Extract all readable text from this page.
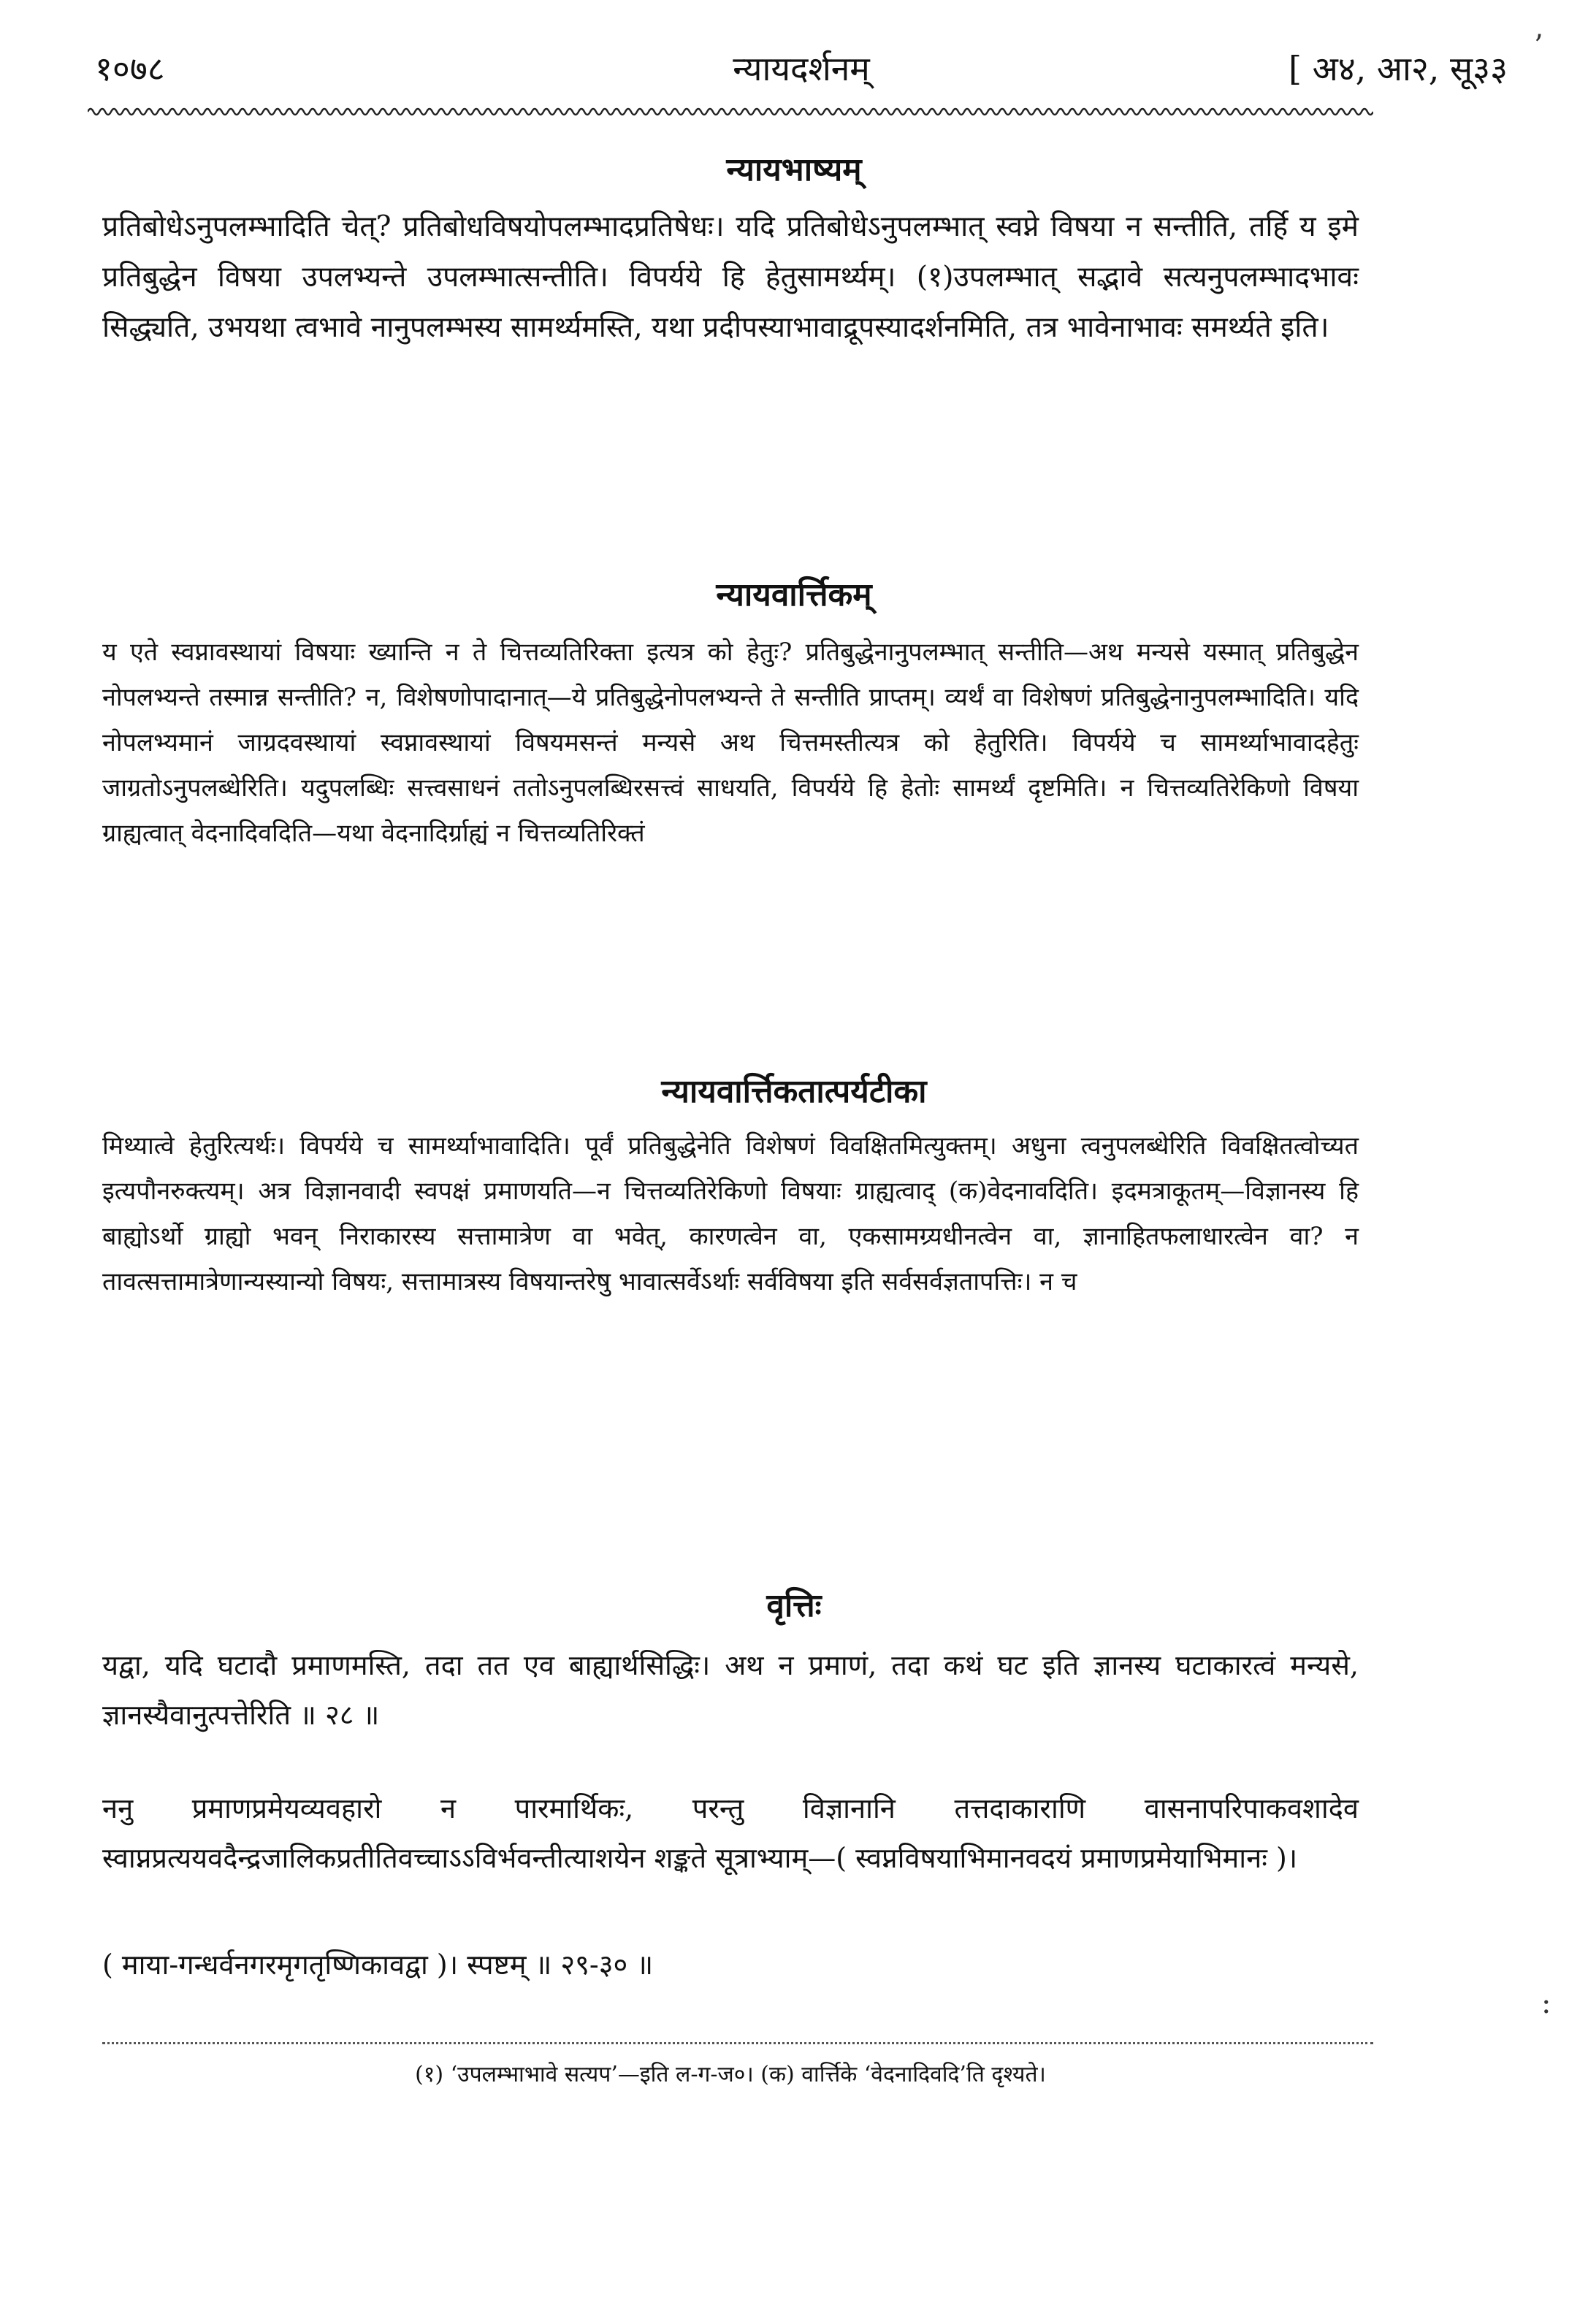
१०७८	न्यायदर्शनम्	[ अ४, आ२, सू३३
न्यायभाष्यम्

प्रतिबोधेऽनुपलम्भादिति चेत्? प्रतिबोधविषयोपलम्भादप्रतिषेधः। यदि प्रतिबोधेऽनुपलम्भात् स्वप्ने विषया न सन्तीति, तर्हि य इमे प्रतिबुद्धेन विषया उपलभ्यन्ते उपलम्भात्सन्तीति। विपर्यये हि हेतुसामर्थ्यम्। (१)उपलम्भात् सद्भावे सत्यनुपलम्भादभावः सिद्ध्यति, उभयथा त्वभावे नानुपलम्भस्य सामर्थ्यमस्ति, यथा प्रदीपस्याभावाद्रूपस्यादर्शनमिति, तत्र भावेनाभावः समर्थ्यते इति।

न्यायवार्त्तिकम्

य एते स्वप्नावस्थायां विषयाः ख्यान्ति न ते चित्तव्यतिरिक्ता इत्यत्र को हेतुः? प्रतिबुद्धेनानुपलम्भात् सन्तीति—अथ मन्यसे यस्मात् प्रतिबुद्धेन नोपलभ्यन्ते तस्मान्न सन्तीति? न, विशेषणोपादानात्—ये प्रतिबुद्धेनोपलभ्यन्ते ते सन्तीति प्राप्तम्। व्यर्थं वा विशेषणं प्रतिबुद्धेनानुपलम्भादिति। यदि नोपलभ्यमानं जाग्रदवस्थायां स्वप्नावस्थायां विषयमसन्तं मन्यसे अथ चित्तमस्तीत्यत्र को हेतुरिति। विपर्यये च सामर्थ्याभावादहेतुः जाग्रतोऽनुपलब्धेरिति। यदुपलब्धिः सत्त्वसाधनं ततोऽनुपलब्धिरसत्त्वं साधयति, विपर्यये हि हेतोः सामर्थ्यं दृष्टमिति। न चित्तव्यतिरेकिणो विषया ग्राह्यत्वात् वेदनादिवदिति—यथा वेदनादिर्ग्राह्यं न चित्तव्यतिरिक्तं

न्यायवार्त्तिकतात्पर्यटीका

मिथ्यात्वे हेतुरित्यर्थः। विपर्यये च सामर्थ्याभावादिति। पूर्वं प्रतिबुद्धेनेति विशेषणं विवक्षितमित्युक्तम्। अधुना त्वनुपलब्धेरिति विवक्षितत्वोच्यत इत्यपौनरुक्त्यम्। अत्र विज्ञानवादी स्वपक्षं प्रमाणयति—न चित्तव्यतिरेकिणो विषयाः ग्राह्यत्वाद् (क)वेदनावदिति। इदमत्राकूतम्—विज्ञानस्य हि बाह्योऽर्थो ग्राह्यो भवन् निराकारस्य सत्तामात्रेण वा भवेत्, कारणत्वेन वा, एकसामग्र्यधीनत्वेन वा, ज्ञानाहितफलाधारत्वेन वा? न तावत्सत्तामात्रेणान्यस्यान्यो विषयः, सत्तामात्रस्य विषयान्तरेषु भावात्सर्वेऽर्थाः सर्वविषया इति सर्वसर्वज्ञतापत्तिः। न च

वृत्तिः

यद्वा, यदि घटादौ प्रमाणमस्ति, तदा तत एव बाह्यार्थसिद्धिः। अथ न प्रमाणं, तदा कथं घट इति ज्ञानस्य घटाकारत्वं मन्यसे, ज्ञानस्यैवानुत्पत्तेरिति ॥ २८ ॥

ननु प्रमाणप्रमेयव्यवहारो न पारमार्थिकः, परन्तु विज्ञानानि तत्तदाकाराणि वासनापरिपाकवशादेव स्वाप्नप्रत्ययवदैन्द्रजालिकप्रतीतिवच्चाऽऽविर्भवन्तीत्याशयेन शङ्कते सूत्राभ्याम्—( स्वप्नविषयाभिमानवदयं प्रमाणप्रमेयाभिमानः )।

( माया-गन्धर्वनगरमृगतृष्णिकावद्वा )। स्पष्टम् ॥ २९-३० ॥

(१) ‘उपलम्भाभावे सत्यप’—इति ल-ग-ज०। (क) वार्त्तिके ‘वेदनादिवदि’ति दृश्यते।
’
:
